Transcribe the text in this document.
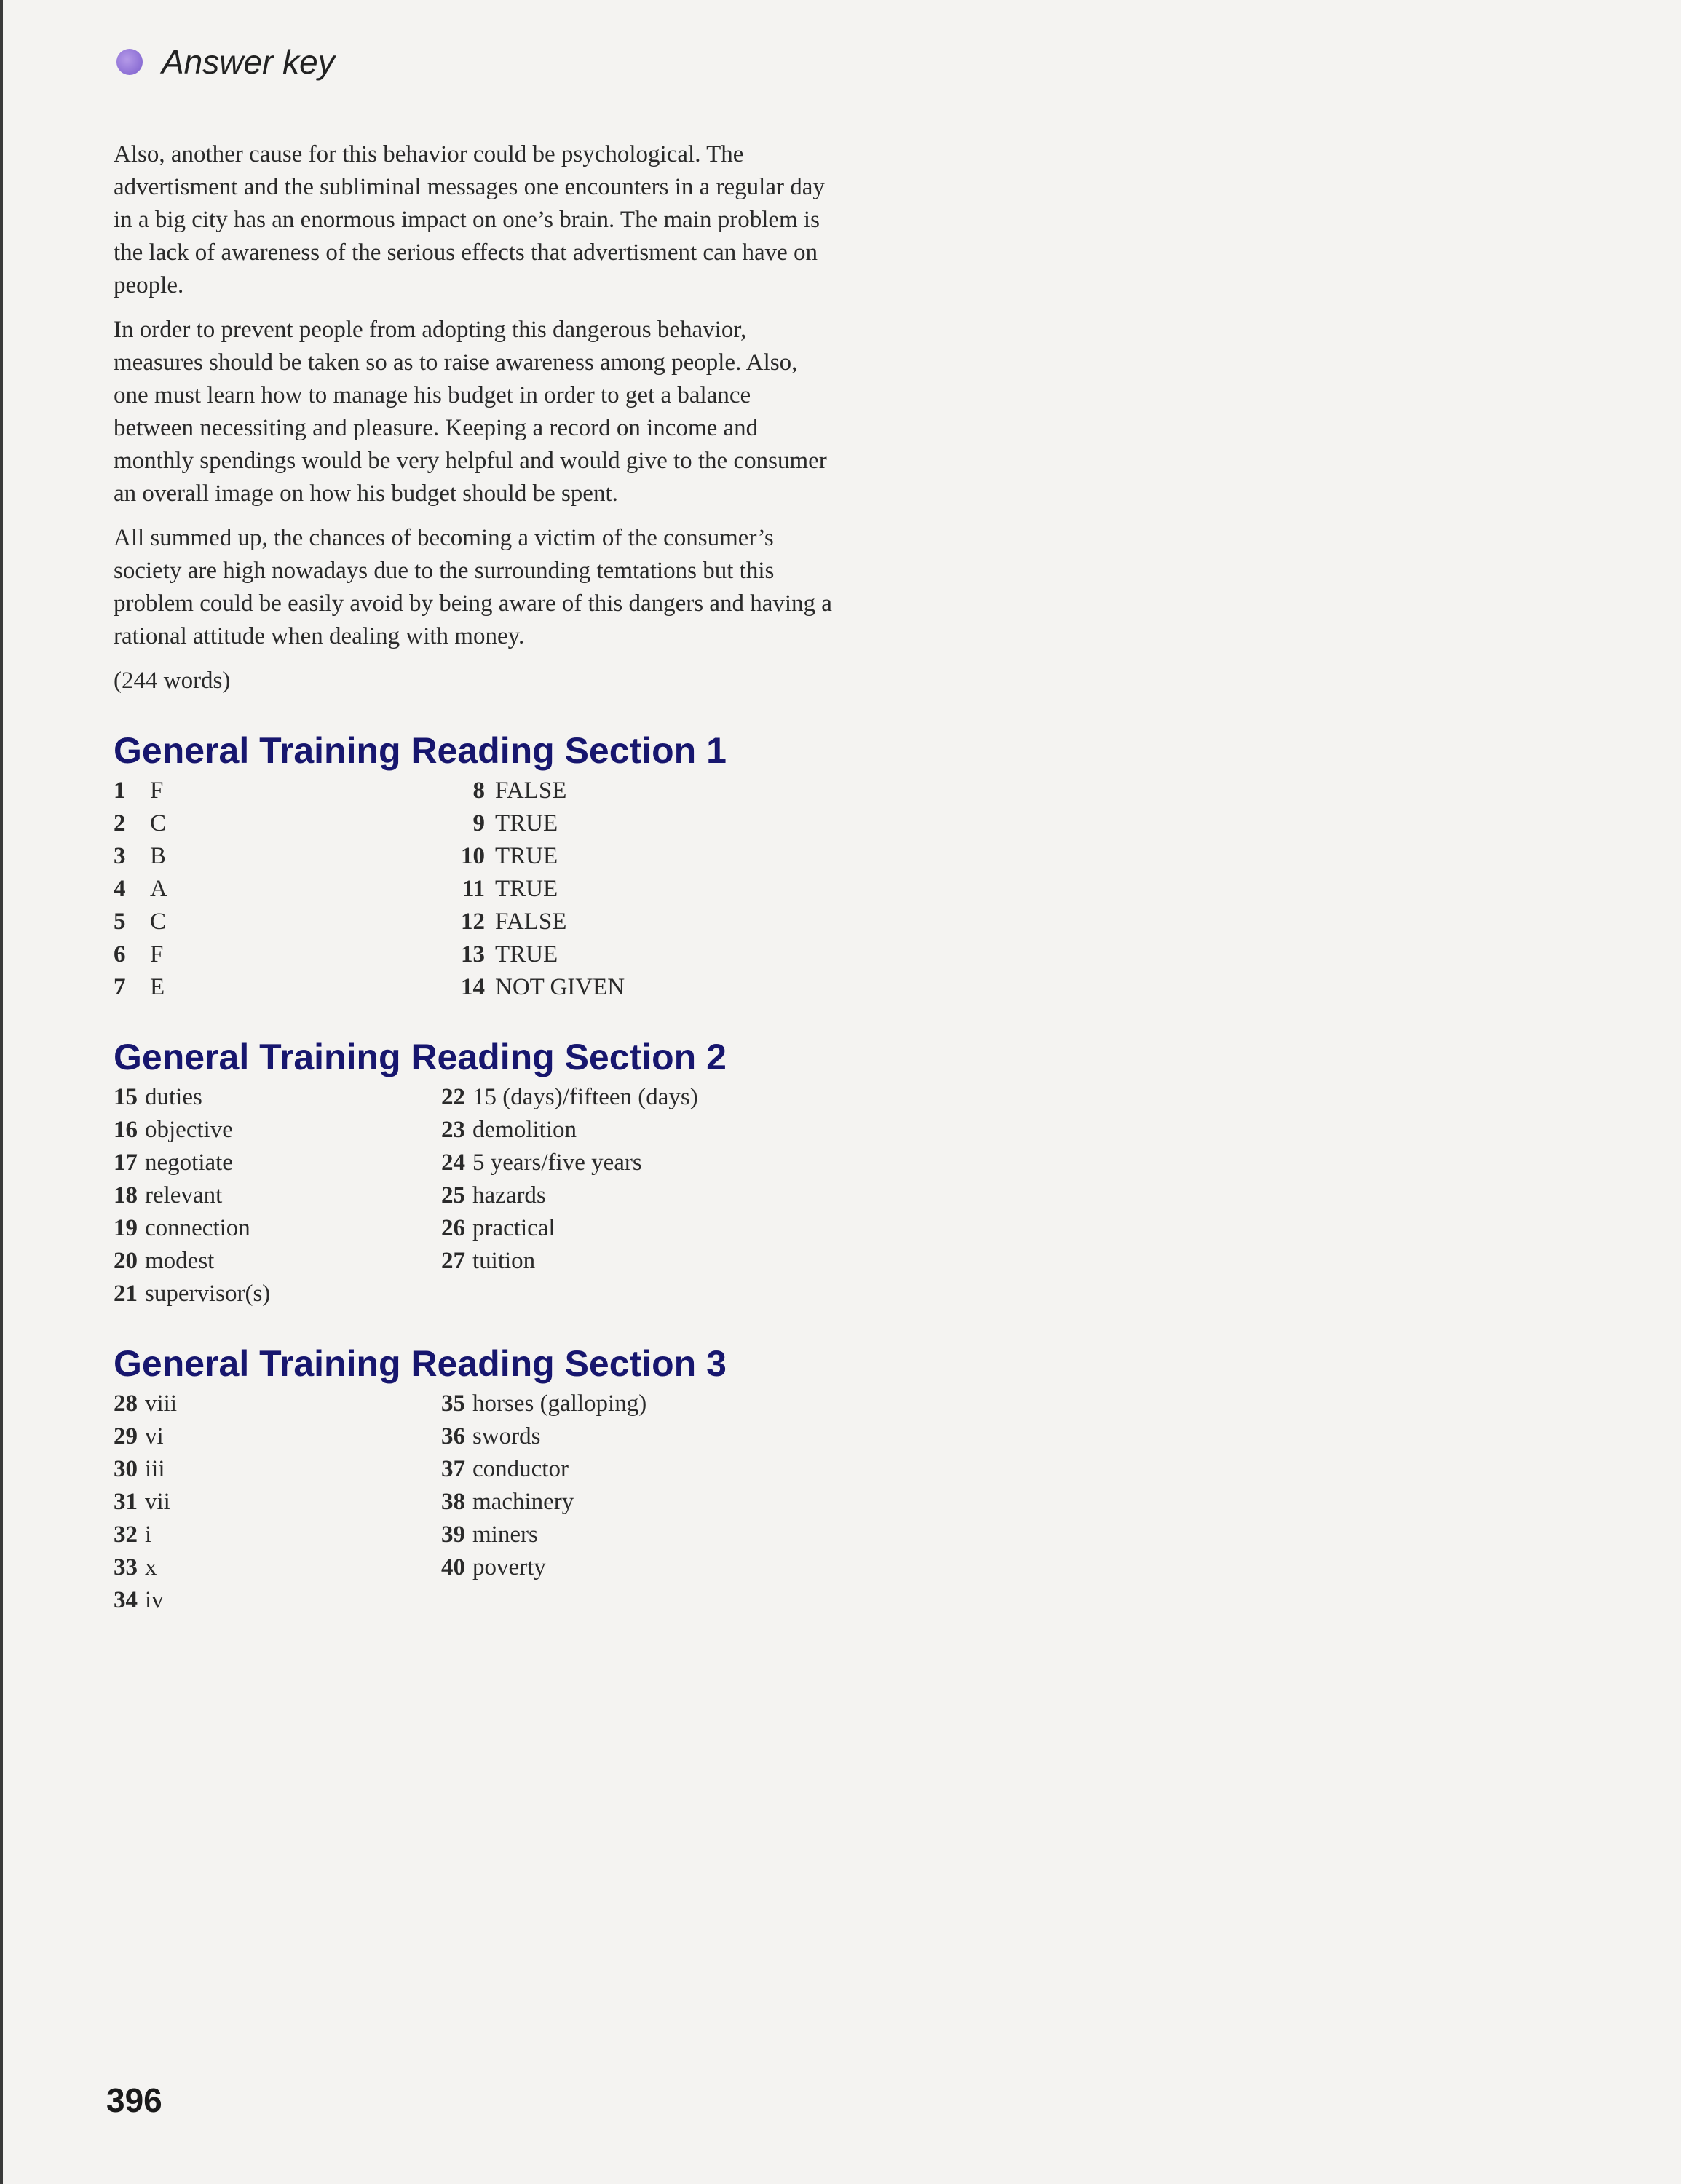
Answer key

Also, another cause for this behavior could be psychological. The advertisment and the subliminal messages one encounters in a regular day in a big city has an enormous impact on one’s brain. The main problem is the lack of awareness of the serious effects that advertisment can have on people.

In order to prevent people from adopting this dangerous behavior, measures should be taken so as to raise awareness among people. Also, one must learn how to manage his budget in order to get a balance between necessiting and pleasure. Keeping a record on income and monthly spendings would be very helpful and would give to the consumer an overall image on how his budget should be spent.

All summed up, the chances of becoming a victim of the consumer’s society are high nowadays due to the surrounding temtations but this problem could be easily avoid by being aware of this dangers and having a rational attitude when dealing with money.

(244 words)

General Training Reading Section 1
1 F
2 C
3 B
4 A
5 C
6 F
7 E
8 FALSE
9 TRUE
10 TRUE
11 TRUE
12 FALSE
13 TRUE
14 NOT GIVEN
General Training Reading Section 2
15 duties
16 objective
17 negotiate
18 relevant
19 connection
20 modest
21 supervisor(s)
22 15 (days)/fifteen (days)
23 demolition
24 5 years/five years
25 hazards
26 practical
27 tuition
General Training Reading Section 3
28 viii
29 vi
30 iii
31 vii
32 i
33 x
34 iv
35 horses (galloping)
36 swords
37 conductor
38 machinery
39 miners
40 poverty
396
